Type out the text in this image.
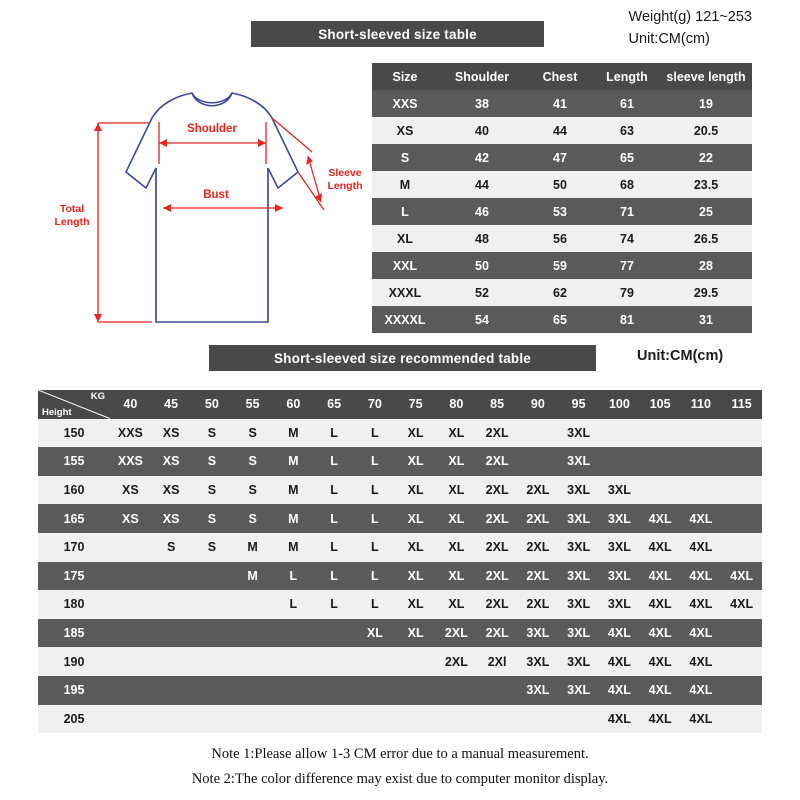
Weight(g) 121~253
Unit:CM(cm)
Short-sleeved size table
Shoulder
Bust
Sleeve
Length
Total
Length
Size	Shoulder	Chest	Length	sleeve length
XXS	38	41	61	19
XS	40	44	63	20.5
S	42	47	65	22
M	44	50	68	23.5
L	46	53	71	25
XL	48	56	74	26.5
XXL	50	59	77	28
XXXL	52	62	79	29.5
XXXXL	54	65	81	31
Short-sleeved size recommended table	Unit:CM(cm)
KG
Height	40	45	50	55	60	65	70	75	80	85	90	95	100	105	110	115
150	XXS	XS	S	S	M	L	L	XL	XL	2XL		3XL				
155	XXS	XS	S	S	M	L	L	XL	XL	2XL		3XL				
160	XS	XS	S	S	M	L	L	XL	XL	2XL	2XL	3XL	3XL			
165	XS	XS	S	S	M	L	L	XL	XL	2XL	2XL	3XL	3XL	4XL	4XL	
170		S	S	M	M	L	L	XL	XL	2XL	2XL	3XL	3XL	4XL	4XL	
175				M	L	L	L	XL	XL	2XL	2XL	3XL	3XL	4XL	4XL	4XL
180					L	L	L	XL	XL	2XL	2XL	3XL	3XL	4XL	4XL	4XL
185							XL	XL	2XL	2XL	3XL	3XL	4XL	4XL	4XL	
190									2XL	2Xl	3XL	3XL	4XL	4XL	4XL	
195											3XL	3XL	4XL	4XL	4XL	
205													4XL	4XL	4XL	
Note 1:Please allow 1-3 CM error due to a manual measurement.
Note 2:The color difference may exist due to computer monitor display.
